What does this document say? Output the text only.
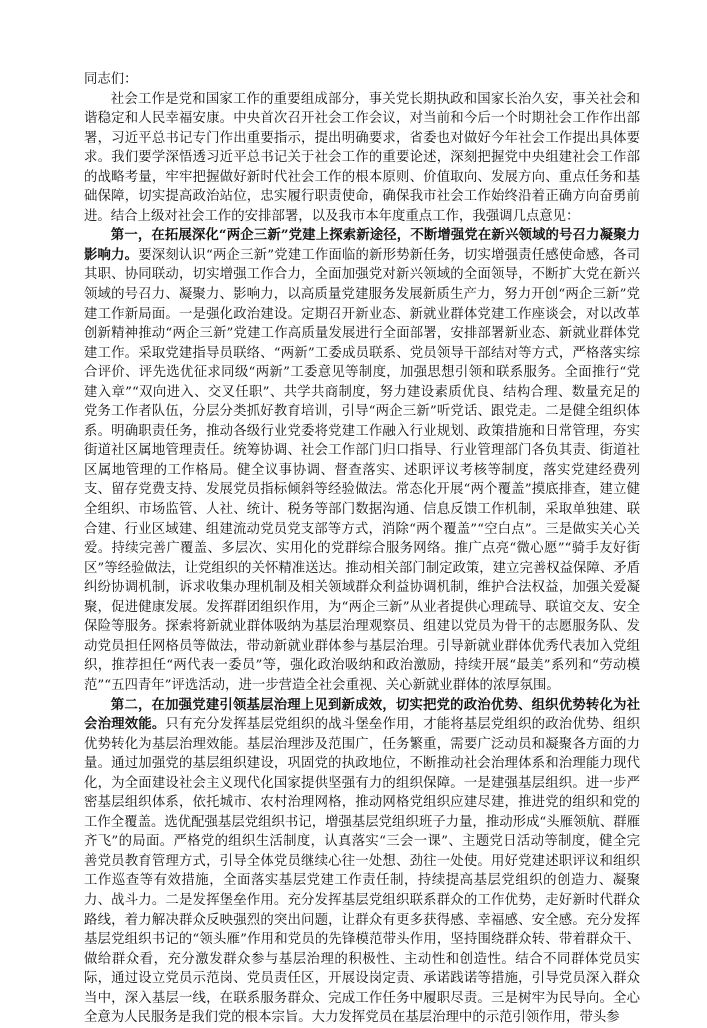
同志们：

社会工作是党和国家工作的重要组成部分，事关党长期执政和国家长治久安，事关社会和谐稳定和人民幸福安康。中央首次召开社会工作会议，对当前和今后一个时期社会工作作出部署，习近平总书记专门作出重要指示，提出明确要求，省委也对做好今年社会工作提出具体要求。我们要学深悟透习近平总书记关于社会工作的重要论述，深刻把握党中央组建社会工作部的战略考量，牢牢把握做好新时代社会工作的根本原则、价值取向、发展方向、重点任务和基础保障，切实提高政治站位，忠实履行职责使命，确保我市社会工作始终沿着正确方向奋勇前进。结合上级对社会工作的安排部署，以及我市本年度重点工作，我强调几点意见：

第一，在拓展深化“两企三新”党建上探索新途径，不断增强党在新兴领域的号召力凝聚力影响力。要深刻认识“两企三新”党建工作面临的新形势新任务，切实增强责任感使命感，各司其职、协同联动，切实增强工作合力，全面加强党对新兴领域的全面领导，不断扩大党在新兴领域的号召力、凝聚力、影响力，以高质量党建服务发展新质生产力，努力开创“两企三新”党建工作新局面。一是强化政治建设。定期召开新业态、新就业群体党建工作座谈会，对以改革创新精神推动“两企三新”党建工作高质量发展进行全面部署，安排部署新业态、新就业群体党建工作。采取党建指导员联络、“两新”工委成员联系、党员领导干部结对等方式，严格落实综合评价、评先选优征求同级“两新”工委意见等制度，加强思想引领和联系服务。全面推行“党建入章”“双向进入、交叉任职”、共学共商制度，努力建设素质优良、结构合理、数量充足的党务工作者队伍，分层分类抓好教育培训，引导“两企三新”听党话、跟党走。二是健全组织体系。明确职责任务，推动各级行业党委将党建工作融入行业规划、政策措施和日常管理，夯实街道社区属地管理责任。统筹协调、社会工作部门归口指导、行业管理部门各负其责、街道社区属地管理的工作格局。健全议事协调、督查落实、述职评议考核等制度，落实党建经费列支、留存党费支持、发展党员指标倾斜等经验做法。常态化开展“两个覆盖”摸底排查，建立健全组织、市场监管、人社、统计、税务等部门数据沟通、信息反馈工作机制，采取单独建、联合建、行业区域建、组建流动党员党支部等方式，消除“两个覆盖”“空白点”。三是做实关心关爱。持续完善广覆盖、多层次、实用化的党群综合服务网络。推广点亮“微心愿”“骑手友好街区”等经验做法，让党组织的关怀精准送达。推动相关部门制定政策，建立完善权益保障、矛盾纠纷协调机制，诉求收集办理机制及相关领域群众利益协调机制，维护合法权益，加强关爱凝聚，促进健康发展。发挥群团组织作用，为“两企三新”从业者提供心理疏导、联谊交友、安全保险等服务。探索将新就业群体吸纳为基层治理观察员、组建以党员为骨干的志愿服务队、发动党员担任网格员等做法，带动新就业群体参与基层治理。引导新就业群体优秀代表加入党组织，推荐担任“两代表一委员”等，强化政治吸纳和政治激励，持续开展“最美”系列和“劳动模范”“五四青年”评选活动，进一步营造全社会重视、关心新就业群体的浓厚氛围。

第二，在加强党建引领基层治理上见到新成效，切实把党的政治优势、组织优势转化为社会治理效能。只有充分发挥基层党组织的战斗堡垒作用，才能将基层党组织的政治优势、组织优势转化为基层治理效能。基层治理涉及范围广，任务繁重，需要广泛动员和凝聚各方面的力量。通过加强党的基层组织建设，巩固党的执政地位，不断推动社会治理体系和治理能力现代化，为全面建设社会主义现代化国家提供坚强有力的组织保障。一是建强基层组织。进一步严密基层组织体系，依托城市、农村治理网格，推动网格党组织应建尽建，推进党的组织和党的工作全覆盖。选优配强基层党组织书记，增强基层党组织班子力量，推动形成“头雁领航、群雁齐飞”的局面。严格党的组织生活制度，认真落实“三会一课”、主题党日活动等制度，健全完善党员教育管理方式，引导全体党员继续心往一处想、劲往一处使。用好党建述职评议和组织工作巡查等有效措施，全面落实基层党建工作责任制，持续提高基层党组织的创造力、凝聚力、战斗力。二是发挥堡垒作用。充分发挥基层党组织联系群众的工作优势，走好新时代群众路线，着力解决群众反映强烈的突出问题，让群众有更多获得感、幸福感、安全感。充分发挥基层党组织书记的“领头雁”作用和党员的先锋模范带头作用，坚持围绕群众转、带着群众干、做给群众看，充分激发群众参与基层治理的积极性、主动性和创造性。结合不同群体党员实际，通过设立党员示范岗、党员责任区，开展设岗定责、承诺践诺等措施，引导党员深入群众当中，深入基层一线，在联系服务群众、完成工作任务中履职尽责。三是树牢为民导向。全心全意为人民服务是我们党的根本宗旨。大力发挥党员在基层治理中的示范引领作用，带头参
